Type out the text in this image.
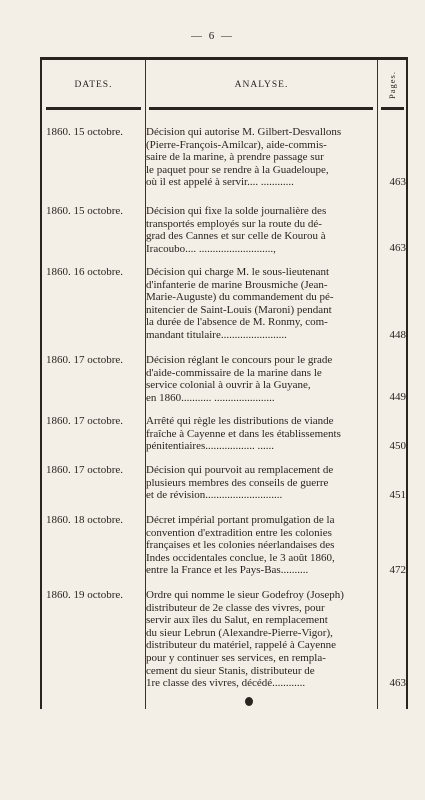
— 6 —
DATES.	ANALYSE.	Pages.
1860. 15 octobre.	Décision qui autorise M. Gilbert-Desvallons
(Pierre-François-Amilcar), aide-commis-
saire de la marine, à prendre passage sur
le paquet pour se rendre à la Guadeloupe,
où il est appelé à servir.... ............	463
1860. 15 octobre.	Décision qui fixe la solde journalière des
transportés employés sur la route du dé-
grad des Cannes et sur celle de Kourou à
Iracoubo.... ...........................,	463
1860. 16 octobre.	Décision qui charge M. le sous-lieutenant
d'infanterie de marine Brousmiche (Jean-
Marie-Auguste) du commandement du pé-
nitencier de Saint-Louis (Maroni) pendant
la durée de l'absence de M. Ronmy, com-
mandant titulaire........................	448
1860. 17 octobre.	Décision réglant le concours pour le grade
d'aide-commissaire de la marine dans le
service colonial à ouvrir à la Guyane,
en 1860........... ......................	449
1860. 17 octobre.	Arrêté qui règle les distributions de viande
fraîche à Cayenne et dans les établissements
pénitentiaires.................. ......	450
1860. 17 octobre.	Décision qui pourvoit au remplacement de
plusieurs membres des conseils de guerre
et de révision............................	451
1860. 18 octobre.	Décret impérial portant promulgation de la
convention d'extradition entre les colonies
françaises et les colonies néerlandaises des
Indes occidentales conclue, le 3 août 1860,
entre la France et les Pays-Bas..........	472
1860. 19 octobre.	Ordre qui nomme le sieur Godefroy (Joseph)
distributeur de 2e classe des vivres, pour
servir aux îles du Salut, en remplacement
du sieur Lebrun (Alexandre-Pierre-Vigor),
distributeur du matériel, rappelé à Cayenne
pour y continuer ses services, en rempla-
cement du sieur Stanis, distributeur de
1re classe des vivres, décédé............	463
